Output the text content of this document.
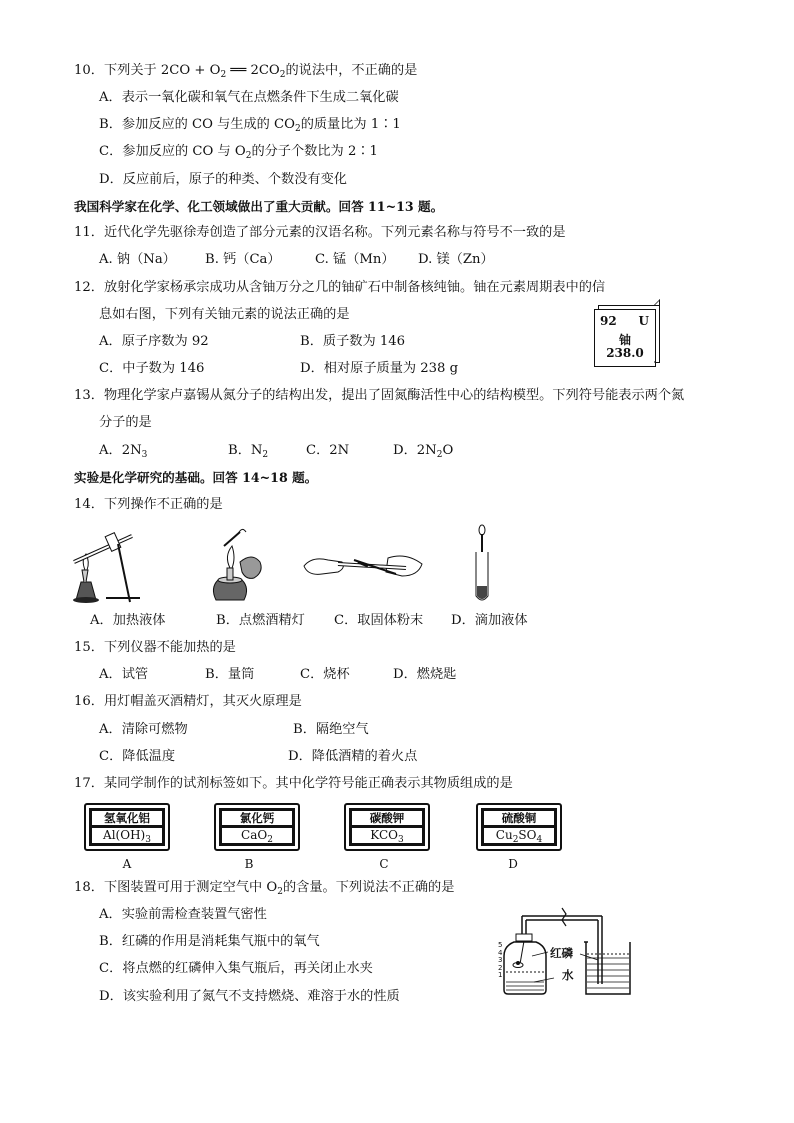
10．下列关于 $2CO + O_2$ ══ $2CO_2$的说法中，不正确的是
A．表示一氧化碳和氧气在点燃条件下生成二氧化碳
B．参加反应的 CO 与生成的 $CO_2$的质量比为 1∶1
C．参加反应的 CO 与 $O_2$的分子个数比为 2∶1
D．反应前后，原子的种类、个数没有变化
我国科学家在化学、化工领域做出了重大贡献。回答 11~13 题。
11．近代化学先驱徐寿创造了部分元素的汉语名称。下列元素名称与符号不一致的是
A. 钠（Na） B. 钙（Ca）	C. 锰（Mn） D. 镁（Zn）
12．放射化学家杨承宗成功从含铀万分之几的铀矿石中制备核纯铀。铀在元素周期表中的信
息如右图，下列有关铀元素的说法正确的是
A．原子序数为 92	B．质子数为 146
C．中子数为 146	D．相对原子质量为 238 g
92 U
铀
238.0
13．物理化学家卢嘉锡从氮分子的结构出发，提出了固氮酶活性中心的结构模型。下列符号能表示两个氮
分子的是
A．$2N_3$	B．$N_2$	C．2N	D．$2N_2O$
实验是化学研究的基础。回答 14~18 题。
14．下列操作不正确的是
A．加热液体	B．点燃酒精灯 C．取固体粉末 D．滴加液体
15．下列仪器不能加热的是
A．试管	B．量筒	C．烧杯	D．燃烧匙
16．用灯帽盖灭酒精灯，其灭火原理是
A．清除可燃物	B．隔绝空气
C．降低温度	D．降低酒精的着火点
17．某同学制作的试剂标签如下。其中化学符号能正确表示其物质组成的是
氢氧化铝
$Al(OH)_3$
氯化钙
CaO$_2$
碳酸钾
$KCO_3$
硫酸铜
$Cu_2SO_4$
A	B	C	D
18．下图装置可用于测定空气中 $O_2$的含量。下列说法不正确的是
A．实验前需检查装置气密性
B．红磷的作用是消耗集气瓶中的氧气
C．将点燃的红磷伸入集气瓶后，再关闭止水夹
D．该实验利用了氮气不支持燃烧、难溶于水的性质
红磷
水
5
4
3
2
1
